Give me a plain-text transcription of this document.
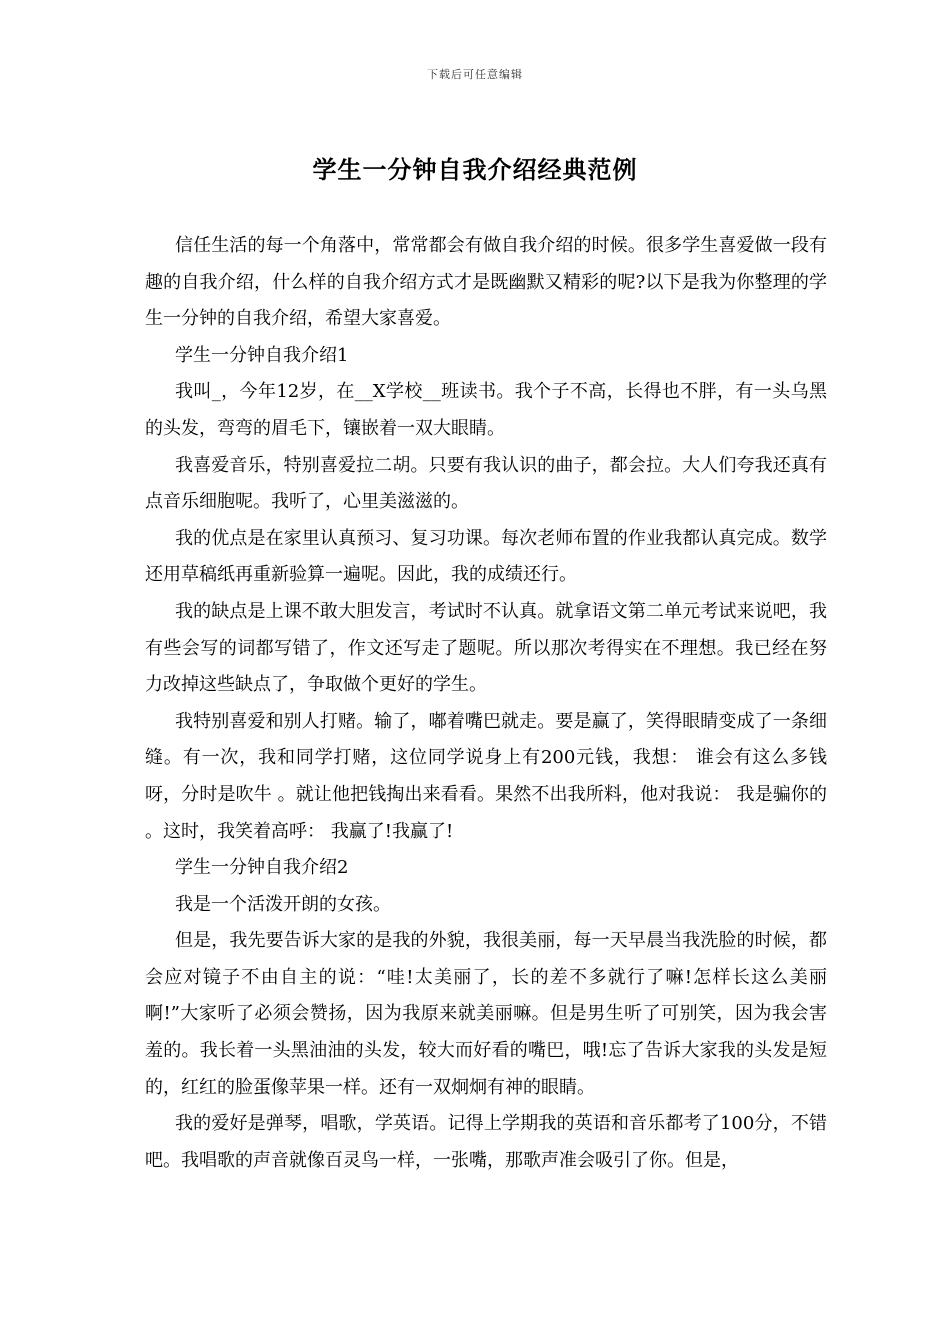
下载后可任意编辑
学生一分钟自我介绍经典范例

信任生活的每一个角落中，常常都会有做自我介绍的时候。很多学生喜爱做一段有趣的自我介绍，什么样的自我介绍方式才是既幽默又精彩的呢?以下是我为你整理的学生一分钟的自我介绍，希望大家喜爱。

学生一分钟自我介绍1

我叫_，今年12岁，在__X学校__班读书。我个子不高，长得也不胖，有一头乌黑的头发，弯弯的眉毛下，镶嵌着一双大眼睛。

我喜爱音乐，特别喜爱拉二胡。只要有我认识的曲子，都会拉。大人们夸我还真有点音乐细胞呢。我听了，心里美滋滋的。

我的优点是在家里认真预习、复习功课。每次老师布置的作业我都认真完成。数学还用草稿纸再重新验算一遍呢。因此，我的成绩还行。

我的缺点是上课不敢大胆发言，考试时不认真。就拿语文第二单元考试来说吧，我有些会写的词都写错了，作文还写走了题呢。所以那次考得实在不理想。我已经在努力改掉这些缺点了，争取做个更好的学生。

我特别喜爱和别人打赌。输了，嘟着嘴巴就走。要是赢了，笑得眼睛变成了一条细缝。有一次，我和同学打赌，这位同学说身上有200元钱，我想： 谁会有这么多钱呀，分时是吹牛 。就让他把钱掏出来看看。果然不出我所料，他对我说： 我是骗你的 。这时，我笑着高呼： 我赢了!我赢了!

学生一分钟自我介绍2

我是一个活泼开朗的女孩。

但是，我先要告诉大家的是我的外貌，我很美丽，每一天早晨当我洗脸的时候，都会应对镜子不由自主的说：“哇!太美丽了，长的差不多就行了嘛!怎样长这么美丽啊!”大家听了必须会赞扬，因为我原来就美丽嘛。但是男生听了可别笑，因为我会害羞的。我长着一头黑油油的头发，较大而好看的嘴巴，哦!忘了告诉大家我的头发是短的，红红的脸蛋像苹果一样。还有一双炯炯有神的眼睛。

我的爱好是弹琴，唱歌，学英语。记得上学期我的英语和音乐都考了100分，不错吧。我唱歌的声音就像百灵鸟一样，一张嘴，那歌声准会吸引了你。但是，
